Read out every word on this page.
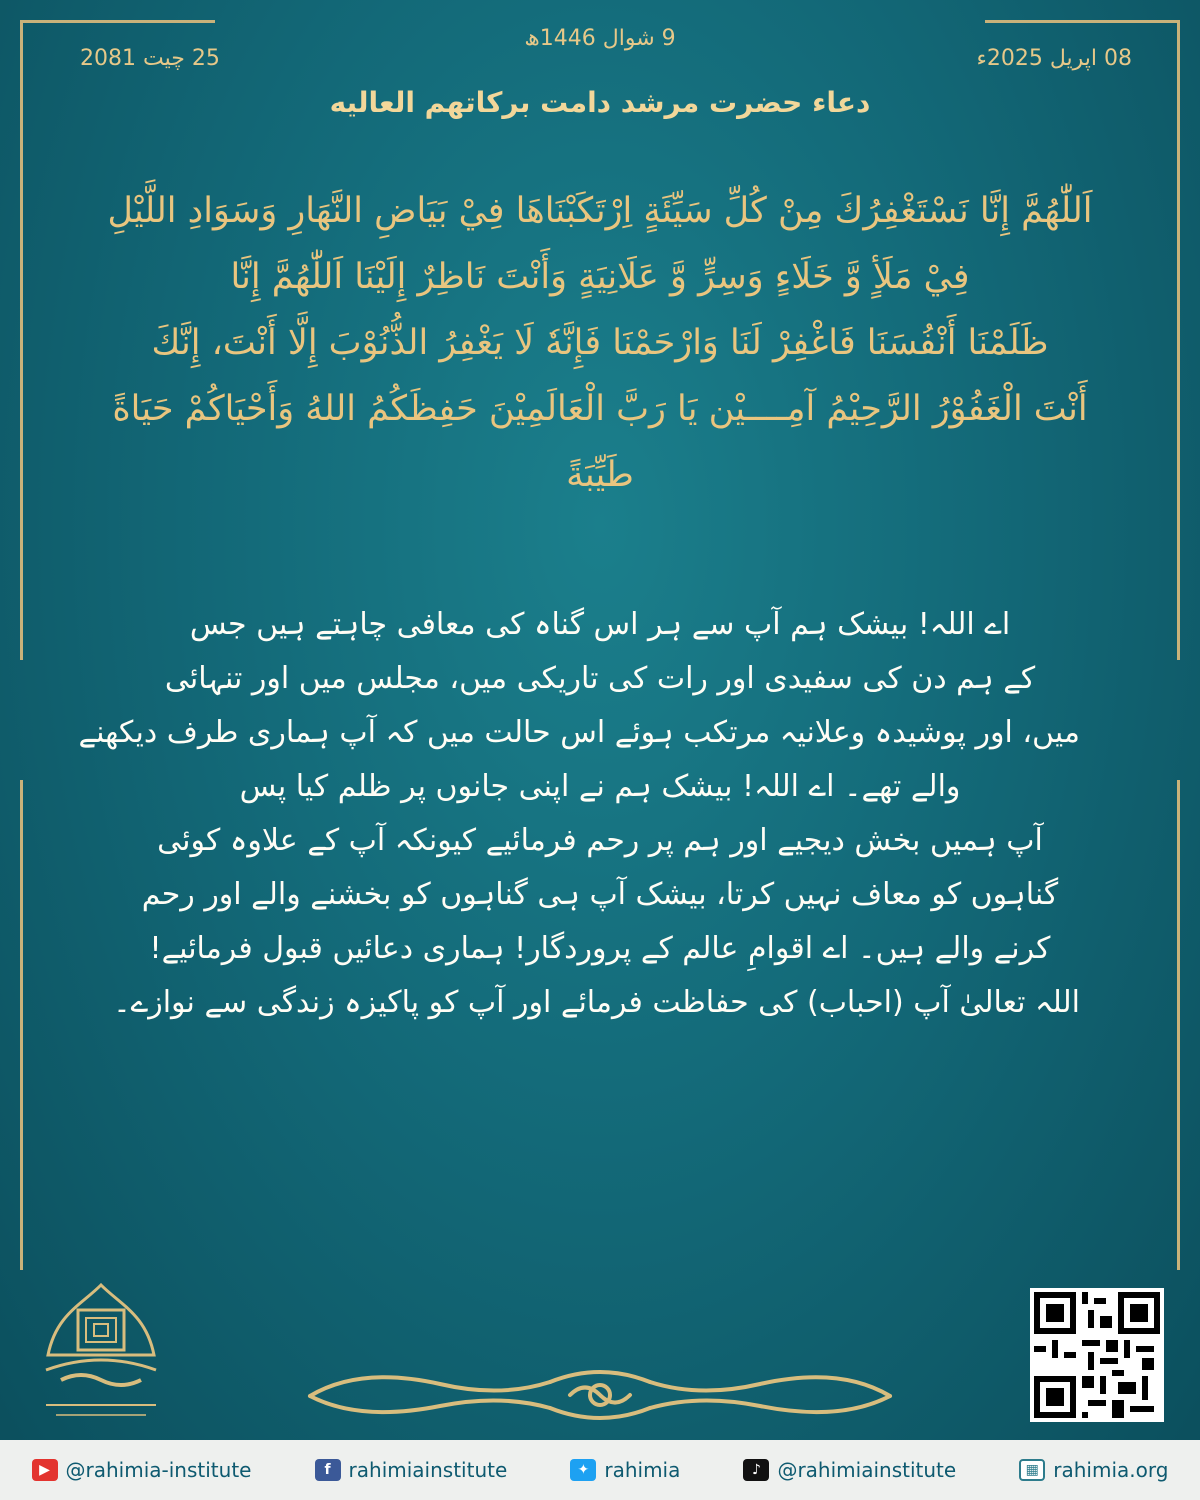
9 شوال 1446ھ
08 اپریل 2025ء
25 چیت 2081
دعاء حضرت مرشد دامت برکاتهم العالیه
اَللّٰهُمَّ إِنَّا نَسْتَغْفِرُكَ مِنْ كُلِّ سَيِّئَةٍ اِرْتَكَبْنَاهَا فِيْ بَيَاضِ النَّهَارِ وَسَوَادِ اللَّيْلِ
فِيْ مَلَأٍ وَّ خَلَاءٍ وَسِرٍّ وَّ عَلَانِيَةٍ وَأَنْتَ نَاظِرٌ إِلَيْنَا اَللّٰهُمَّ إِنَّا
ظَلَمْنَا أَنْفُسَنَا فَاغْفِرْ لَنَا وَارْحَمْنَا فَإِنَّهٗ لَا يَغْفِرُ الذُّنُوْبَ إِلَّا أَنْتَ، إِنَّكَ
أَنْتَ الْغَفُوْرُ الرَّحِيْمُ آمِــــيْن يَا رَبَّ الْعَالَمِيْنَ حَفِظَكُمُ اللهُ وَأَحْيَاكُمْ حَيَاةً
طَيِّبَةً
اے اللہ! بیشک ہم آپ سے ہر اس گناہ کی معافی چاہتے ہیں جس
کے ہم دن کی سفیدی اور رات کی تاریکی میں، مجلس میں اور تنہائی
میں، اور پوشیدہ وعلانیہ مرتکب ہوئے اس حالت میں کہ آپ ہماری طرف دیکھنے
والے تھے۔ اے اللہ! بیشک ہم نے اپنی جانوں پر ظلم کیا پس
آپ ہمیں بخش دیجیے اور ہم پر رحم فرمائیے کیونکہ آپ کے علاوہ کوئی
گناہوں کو معاف نہیں کرتا، بیشک آپ ہی گناہوں کو بخشنے والے اور رحم
کرنے والے ہیں۔ اے اقوامِ عالم کے پروردگار! ہماری دعائیں قبول فرمائیے!
اللہ تعالیٰ آپ (احباب) کی حفاظت فرمائے اور آپ کو پاکیزہ زندگی سے نوازے۔
▶ @rahimia-institute	f rahimiainstitute	✦ rahimia	♪ @rahimiainstitute	▦ rahimia.org
